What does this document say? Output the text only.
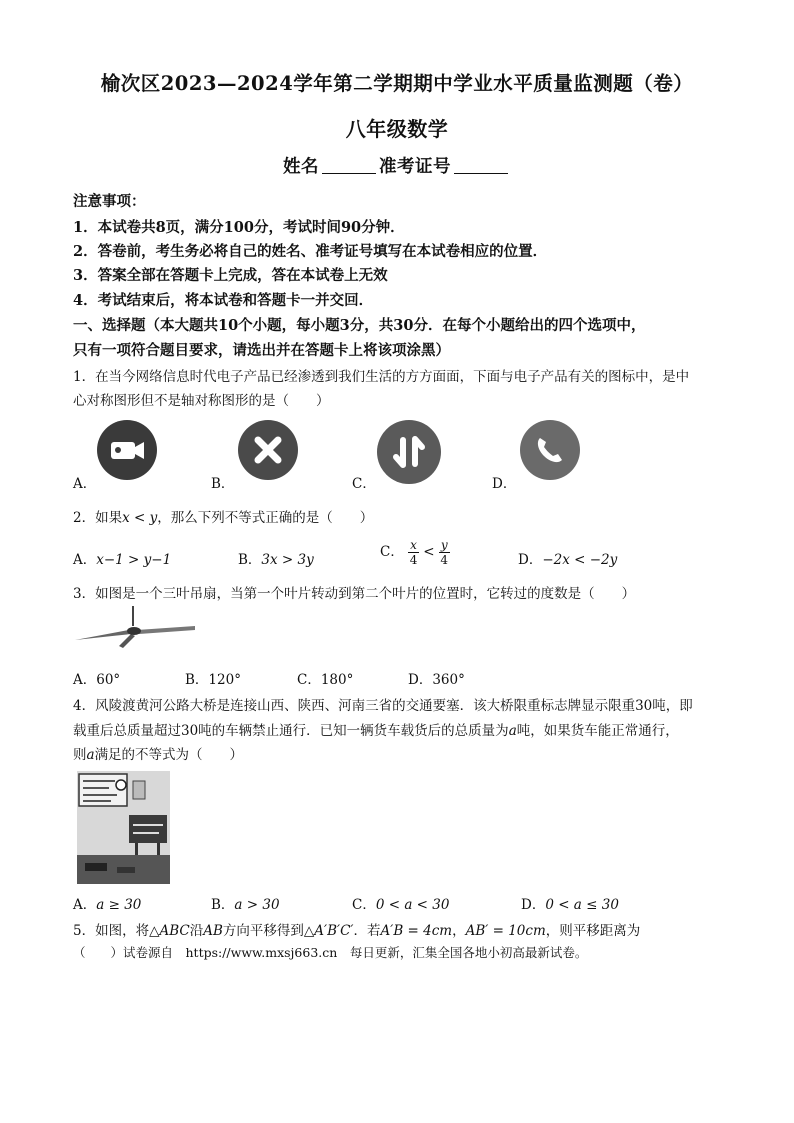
榆次区2023—2024学年第二学期期中学业水平质量监测题（卷）
八年级数学
姓名	准考证号
注意事项：
1．本试卷共8页，满分100分，考试时间90分钟．
2．答卷前，考生务必将自己的姓名、准考证号填写在本试卷相应的位置．
3．答案全部在答题卡上完成，答在本试卷上无效
4．考试结束后，将本试卷和答题卡一并交回．
一、选择题（本大题共10个小题，每小题3分，共30分．在每个小题给出的四个选项中，
只有一项符合题目要求，请选出并在答题卡上将该项涂黑）
1．在当今网络信息时代电子产品已经渗透到我们生活的方方面面，下面与电子产品有关的图标中，是中
心对称图形但不是轴对称图形的是（　　）
A．	B．	C．	D．
2．如果x < y，那么下列不等式正确的是（　　）
A．x−1 > y−1	B．3x > 3y	C． $\frac{x}{4} < \frac{y}{4}$	D．−2x < −2y
3．如图是一个三叶吊扇，当第一个叶片转动到第二个叶片的位置时，它转过的度数是（　　）
A．60°	B．120°	C．180°	D．360°
4．风陵渡黄河公路大桥是连接山西、陕西、河南三省的交通要塞．该大桥限重标志牌显示限重30吨，即
载重后总质量超过30吨的车辆禁止通行．已知一辆货车载货后的总质量为a吨，如果货车能正常通行，
则a满足的不等式为（　　）
A．a ≥ 30	B．a > 30	C．0 < a < 30	D．0 < a ≤ 30
5．如图，将△ABC沿AB方向平移得到△A′B′C′．若A′B = 4cm，AB′ = 10cm，则平移距离为
（　　）试卷源自　https://www.mxsj663.cn　每日更新，汇集全国各地小初高最新试卷。
